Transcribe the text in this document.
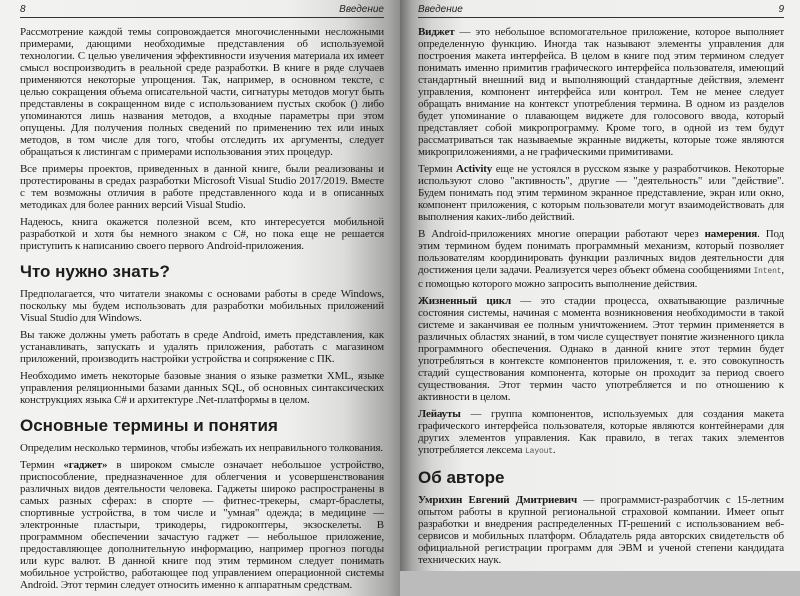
8	Введение
Рассмотрение каждой темы сопровождается многочисленными несложными примерами, дающими необходимые представления об используемой технологии. С целью увеличения эффективности изучения материала их имеет смысл воспроизводить в реальной среде разработки. В книге в ряде случаев применяются некоторые упрощения. Так, например, в основном тексте, с целью сокращения объема описательной части, сигнатуры методов могут быть представлены в сокращенном виде с использованием пустых скобок () либо упоминаются лишь названия методов, а входные параметры при этом опущены. Для получения полных сведений по применению тех или иных методов, в том числе для того, чтобы отследить их аргументы, следует обращаться к листингам с примерами использования этих процедур.
Все примеры проектов, приведенных в данной книге, были реализованы и протестированы в средах разработки Microsoft Visual Studio 2017/2019. Вместе с тем возможны отличия в работе представленного кода и в описанных методиках для более ранних версий Visual Studio.
Надеюсь, книга окажется полезной всем, кто интересуется мобильной разработкой и хотя бы немного знаком с C#, но пока еще не решается приступить к написанию своего первого Android-приложения.
Что нужно знать?
Предполагается, что читатели знакомы с основами работы в среде Windows, поскольку мы будем использовать для разработки мобильных приложений Visual Studio для Windows.
Вы также должны уметь работать в среде Android, иметь представления, как устанавливать, запускать и удалять приложения, работать с магазином приложений, производить настройки устройства и сопряжение с ПК.
Необходимо иметь некоторые базовые знания о языке разметки XML, языке управления реляционными базами данных SQL, об основных синтаксических конструкциях языка C# и архитектуре .Net-платформы в целом.
Основные термины и понятия
Определим несколько терминов, чтобы избежать их неправильного толкования.
Термин «гаджет» в широком смысле означает небольшое устройство, приспособление, предназначенное для облегчения и усовершенствования различных видов деятельности человека. Гаджеты широко распространены в самых разных сферах: в спорте — фитнес-трекеры, смарт-браслеты, спортивные устройства, в том числе и "умная" одежда; в медицине — электронные пластыри, трикодеры, гидрокоптеры, экзоскелеты. В программном обеспечении зачастую гаджет — небольшое приложение, предоставляющее дополнительную информацию, например прогноз погоды или курс валют. В данной книге под этим термином следует понимать мобильное устройство, работающее под управлением операционной системы Android. Этот термин следует относить именно к аппаратным средствам.
Введение	9
Виджет — это небольшое вспомогательное приложение, которое выполняет определенную функцию. Иногда так называют элементы управления для построения макета интерфейса. В целом в книге под этим термином следует понимать именно примитив графического интерфейса пользователя, имеющий стандартный внешний вид и выполняющий стандартные действия, элемент управления, компонент интерфейса или контрол. Тем не менее следует обращать внимание на контекст употребления термина. В одном из разделов будет упоминание о плавающем виджете для голосового ввода, который представляет собой микропрограмму. Кроме того, в одной из тем будут рассматриваться так называемые экранные виджеты, которые тоже являются микроприложениями, а не графическими примитивами.
Термин Activity еще не устоялся в русском языке у разработчиков. Некоторые используют слово "активность", другие — "деятельность" или "действие". Будем понимать под этим термином экранное представление, экран или окно, компонент приложения, с которым пользователи могут взаимодействовать для выполнения каких-либо действий.
В Android-приложениях многие операции работают через намерения. Под этим термином будем понимать программный механизм, который позволяет пользователям координировать функции различных видов деятельности для достижения цели задачи. Реализуется через объект обмена сообщениями Intent, с помощью которого можно запросить выполнение действия.
Жизненный цикл — это стадии процесса, охватывающие различные состояния системы, начиная с момента возникновения необходимости в такой системе и заканчивая ее полным уничтожением. Этот термин применяется в различных областях знаний, в том числе существует понятие жизненного цикла программного обеспечения. Однако в данной книге этот термин будет употребляться в контексте компонентов приложения, т. е. это совокупность стадий существования компонента, которые он проходит за период своего существования. Этот термин часто употребляется и по отношению к активности в целом.
Лейауты — группа компонентов, используемых для создания макета графического интерфейса пользователя, которые являются контейнерами для других элементов управления. Как правило, в тегах таких элементов употребляется лексема Layout.
Об авторе
Умрихин Евгений Дмитриевич — программист-разработчик с 15-летним опытом работы в крупной региональной страховой компании. Имеет опыт разработки и внедрения распределенных IT-решений с использованием веб-сервисов и мобильных платформ. Обладатель ряда авторских свидетельств об официальной регистрации программ для ЭВМ и ученой степени кандидата технических наук.
